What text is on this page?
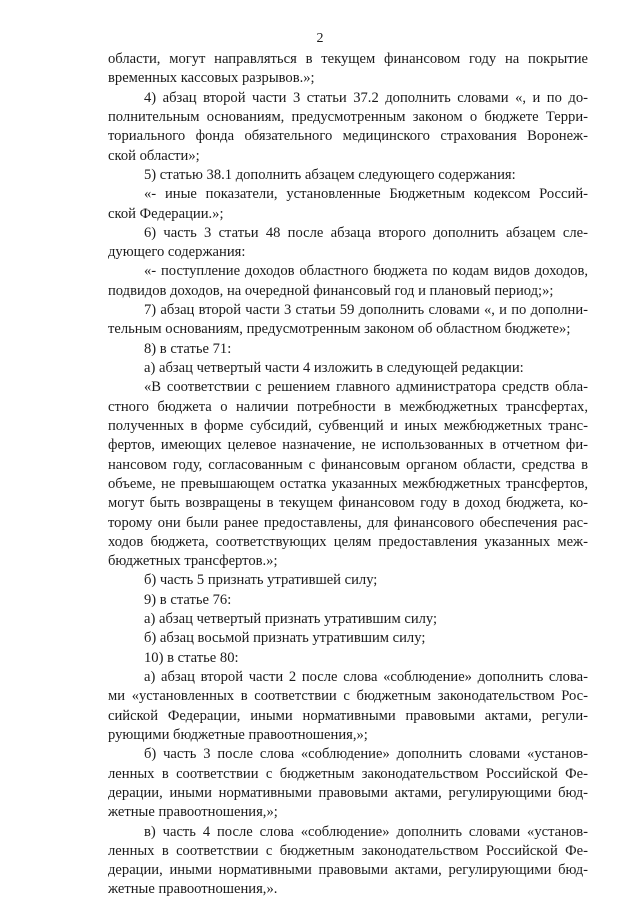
2
области, могут направляться в текущем финансовом году на покрытие
временных кассовых разрывов.»;
4) абзац второй части 3 статьи 37.2 дополнить словами «, и по до-
полнительным основаниям, предусмотренным законом о бюджете Терри-
ториального фонда обязательного медицинского страхования Воронеж-
ской области»;
5) статью 38.1 дополнить абзацем следующего содержания:
«- иные показатели, установленные Бюджетным кодексом Россий-
ской Федерации.»;
6) часть 3 статьи 48 после абзаца второго дополнить абзацем сле-
дующего содержания:
«- поступление доходов областного бюджета по кодам видов доходов,
подвидов доходов, на очередной финансовый год и плановый период;»;
7) абзац второй части 3 статьи 59 дополнить словами «, и по дополни-
тельным основаниям, предусмотренным законом об областном бюджете»;
8) в статье 71:
а) абзац четвертый части 4 изложить в следующей редакции:
«В соответствии с решением главного администратора средств обла-
стного бюджета о наличии потребности в межбюджетных трансфертах,
полученных в форме субсидий, субвенций и иных межбюджетных транс-
фертов, имеющих целевое назначение, не использованных в отчетном фи-
нансовом году, согласованным с финансовым органом области, средства в
объеме, не превышающем остатка указанных межбюджетных трансфертов,
могут быть возвращены в текущем финансовом году в доход бюджета, ко-
торому они были ранее предоставлены, для финансового обеспечения рас-
ходов бюджета, соответствующих целям предоставления указанных меж-
бюджетных трансфертов.»;
б) часть 5 признать утратившей силу;
9) в статье 76:
а) абзац четвертый признать утратившим силу;
б) абзац восьмой признать утратившим силу;
10) в статье 80:
а) абзац второй части 2 после слова «соблюдение» дополнить слова-
ми «установленных в соответствии с бюджетным законодательством Рос-
сийской Федерации, иными нормативными правовыми актами, регули-
рующими бюджетные правоотношения,»;
б) часть 3 после слова «соблюдение» дополнить словами «установ-
ленных в соответствии с бюджетным законодательством Российской Фе-
дерации, иными нормативными правовыми актами, регулирующими бюд-
жетные правоотношения,»;
в) часть 4 после слова «соблюдение» дополнить словами «установ-
ленных в соответствии с бюджетным законодательством Российской Фе-
дерации, иными нормативными правовыми актами, регулирующими бюд-
жетные правоотношения,».
